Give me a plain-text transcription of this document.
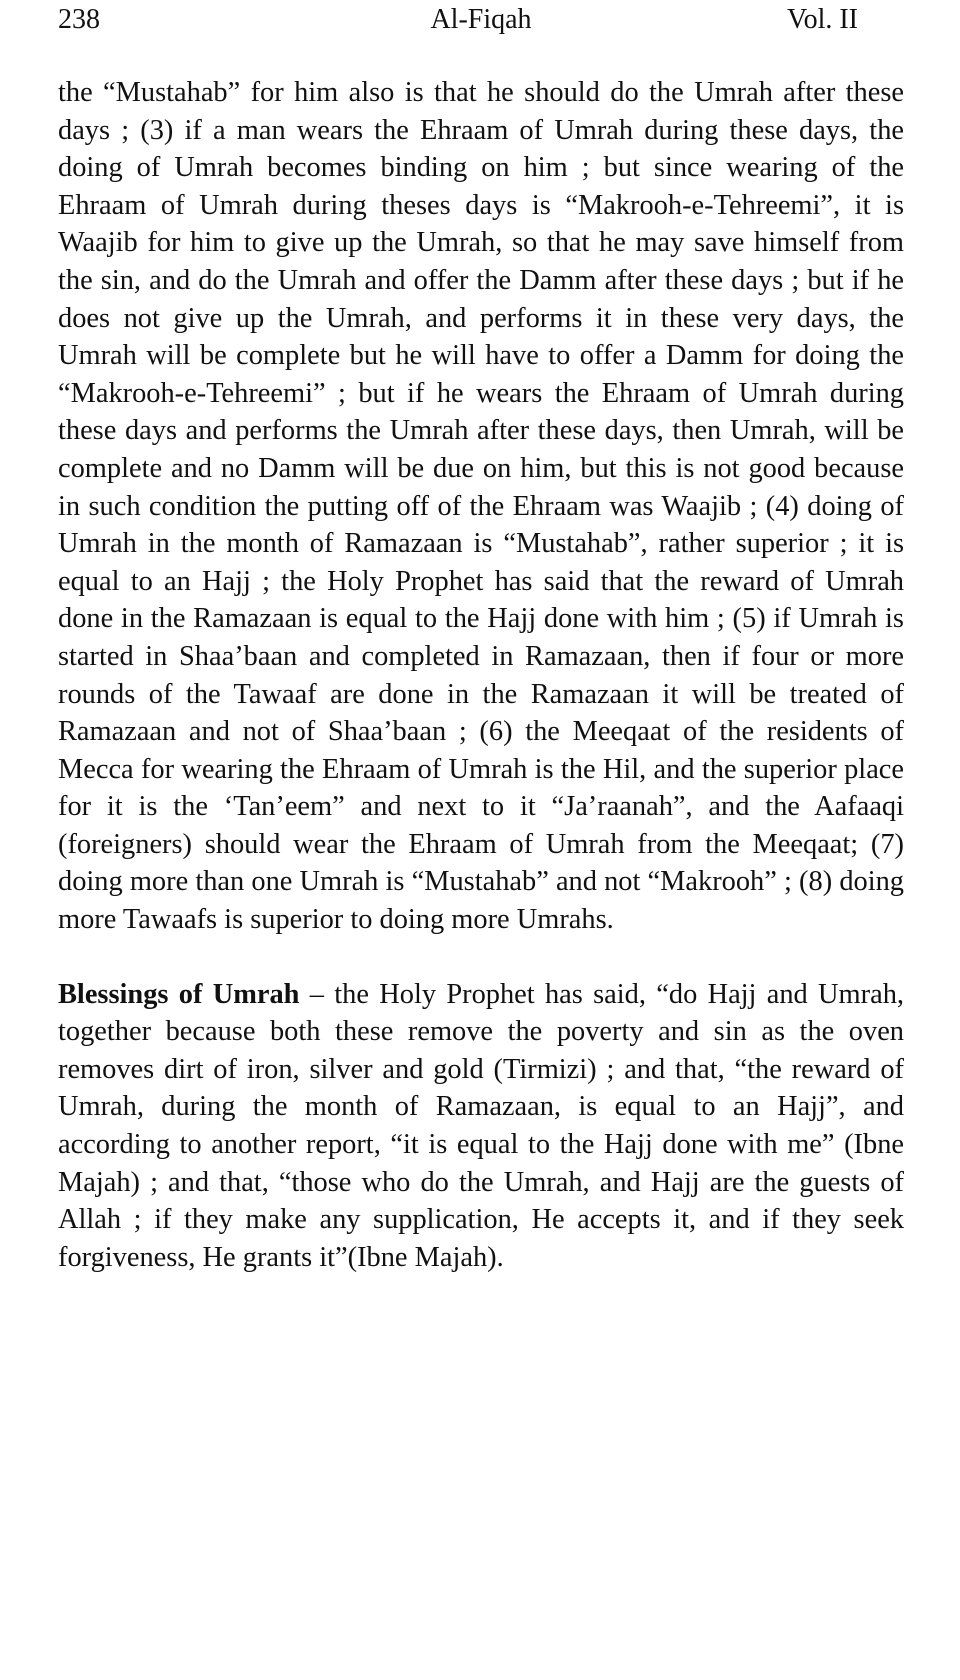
238	Al-Fiqah	Vol. II

the “Mustahab” for him also is that he should do the Umrah after these days ; (3) if a man wears the Ehraam of Umrah during these days, the doing of Umrah becomes binding on him ; but since wearing of the Ehraam of Umrah during theses days is “Makrooh-e-Tehreemi”, it is Waajib for him to give up the Umrah, so that he may save himself from the sin, and do the Umrah and offer the Damm after these days ; but if he does not give up the Umrah, and performs it in these very days, the Umrah will be complete but he will have to offer a Damm for doing the “Makrooh-e-Tehreemi” ; but if he wears the Ehraam of Umrah during these days and performs the Umrah after these days, then Umrah, will be complete and no Damm will be due on him, but this is not good because in such condition the putting off of the Ehraam was Waajib ; (4) doing of Umrah in the month of Ramazaan is “Mustahab”, rather superior ; it is equal to an Hajj ; the Holy Prophet has said that the reward of Umrah done in the Ramazaan is equal to the Hajj done with him ; (5) if Umrah is started in Shaa’baan and completed in Ramazaan, then if four or more rounds of the Tawaaf are done in the Ramazaan it will be treated of Ramazaan and not of Shaa’baan ; (6) the Meeqaat of the residents of Mecca for wearing the Ehraam of Umrah is the Hil, and the superior place for it is the ‘Tan’eem” and next to it “Ja’raanah”, and the Aafaaqi (foreigners) should wear the Ehraam of Umrah from the Meeqaat; (7) doing more than one Umrah is “Mustahab” and not “Makrooh” ; (8) doing more Tawaafs is superior to doing more Umrahs.

Blessings of Umrah – the Holy Prophet has said, “do Hajj and Umrah, together because both these remove the poverty and sin as the oven removes dirt of iron, silver and gold (Tirmizi) ; and that, “the reward of Umrah, during the month of Ramazaan, is equal to an Hajj”, and according to another report, “it is equal to the Hajj done with me” (Ibne Majah) ; and that, “those who do the Umrah, and Hajj are the guests of Allah ; if they make any supplication, He accepts it, and if they seek forgiveness, He grants it”(Ibne Majah).
